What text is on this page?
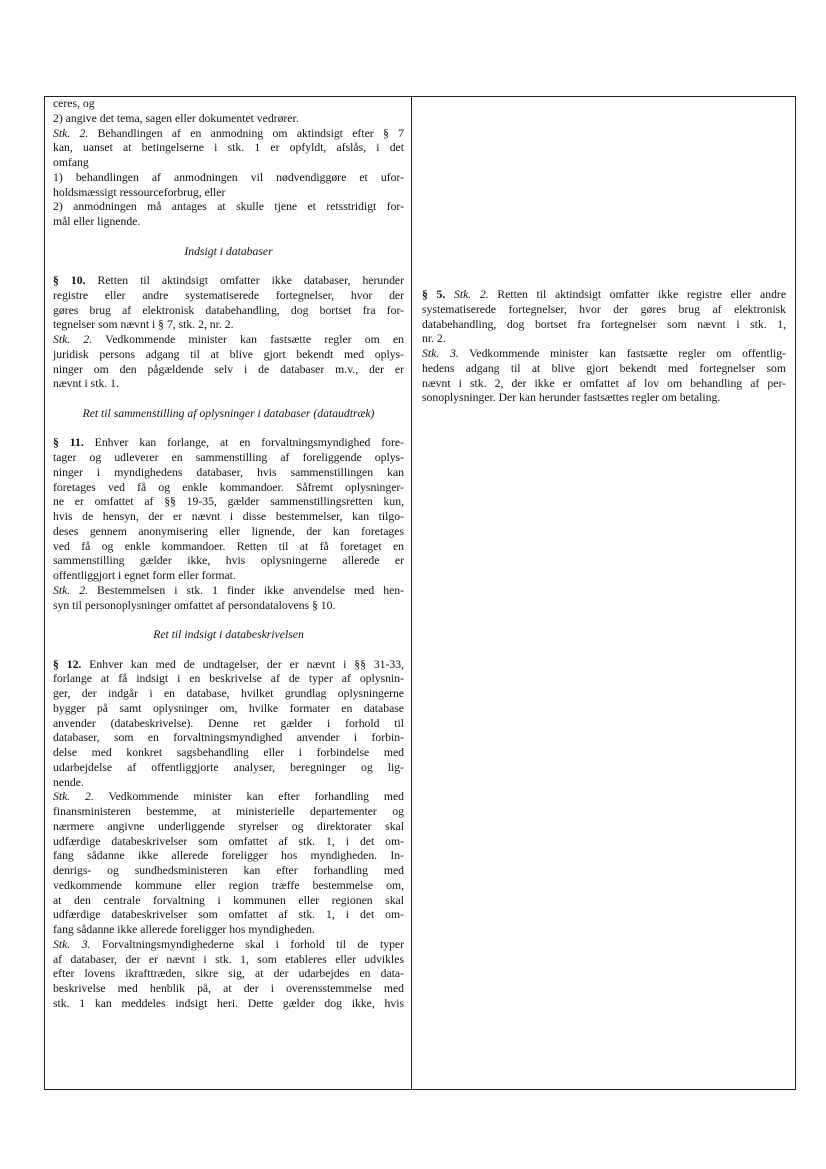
ceres, og
2) angive det tema, sagen eller dokumentet vedrører.
Stk. 2. Behandlingen af en anmodning om aktindsigt efter § 7
kan, uanset at betingelserne i stk. 1 er opfyldt, afslås, i det
omfang
1) behandlingen af anmodningen vil nødvendiggøre et ufor-
holdsmæssigt ressourceforbrug, eller
2) anmodningen må antages at skulle tjene et retsstridigt for-
mål eller lignende.
Indsigt i databaser
§ 10. Retten til aktindsigt omfatter ikke databaser, herunder
registre eller andre systematiserede fortegnelser, hvor der
gøres brug af elektronisk databehandling, dog bortset fra for-
tegnelser som nævnt i § 7, stk. 2, nr. 2.
Stk. 2. Vedkommende minister kan fastsætte regler om en
juridisk persons adgang til at blive gjort bekendt med oplys-
ninger om den pågældende selv i de databaser m.v., der er
nævnt i stk. 1.
Ret til sammenstilling af oplysninger i databaser (dataudtræk)
§ 11. Enhver kan forlange, at en forvaltningsmyndighed fore-
tager og udleverer en sammenstilling af foreliggende oplys-
ninger i myndighedens databaser, hvis sammenstillingen kan
foretages ved få og enkle kommandoer. Såfremt oplysninger-
ne er omfattet af §§ 19-35, gælder sammenstillingsretten kun,
hvis de hensyn, der er nævnt i disse bestemmelser, kan tilgo-
deses gennem anonymisering eller lignende, der kan foretages
ved få og enkle kommandoer. Retten til at få foretaget en
sammenstilling gælder ikke, hvis oplysningerne allerede er
offentliggjort i egnet form eller format.
Stk. 2. Bestemmelsen i stk. 1 finder ikke anvendelse med hen-
syn til personoplysninger omfattet af persondatalovens § 10.
Ret til indsigt i databeskrivelsen
§ 12. Enhver kan med de undtagelser, der er nævnt i §§ 31-33,
forlange at få indsigt i en beskrivelse af de typer af oplysnin-
ger, der indgår i en database, hvilket grundlag oplysningerne
bygger på samt oplysninger om, hvilke formater en database
anvender (databeskrivelse). Denne ret gælder i forhold til
databaser, som en forvaltningsmyndighed anvender i forbin-
delse med konkret sagsbehandling eller i forbindelse med
udarbejdelse af offentliggjorte analyser, beregninger og lig-
nende.
Stk. 2. Vedkommende minister kan efter forhandling med
finansministeren bestemme, at ministerielle departementer og
nærmere angivne underliggende styrelser og direktorater skal
udfærdige databeskrivelser som omfattet af stk. 1, i det om-
fang sådanne ikke allerede foreligger hos myndigheden. In-
denrigs- og sundhedsministeren kan efter forhandling med
vedkommende kommune eller region træffe bestemmelse om,
at den centrale forvaltning i kommunen eller regionen skal
udfærdige databeskrivelser som omfattet af stk. 1, i det om-
fang sådanne ikke allerede foreligger hos myndigheden.
Stk. 3. Forvaltningsmyndighederne skal i forhold til de typer
af databaser, der er nævnt i stk. 1, som etableres eller udvikles
efter lovens ikrafttræden, sikre sig, at der udarbejdes en data-
beskrivelse med henblik på, at der i overensstemmelse med
stk. 1 kan meddeles indsigt heri. Dette gælder dog ikke, hvis
§ 5. Stk. 2. Retten til aktindsigt omfatter ikke registre eller andre
systematiserede fortegnelser, hvor der gøres brug af elektronisk
databehandling, dog bortset fra fortegnelser som nævnt i stk. 1,
nr. 2.
Stk. 3. Vedkommende minister kan fastsætte regler om offentlig-
hedens adgang til at blive gjort bekendt med fortegnelser som
nævnt i stk. 2, der ikke er omfattet af lov om behandling af per-
sonoplysninger. Der kan herunder fastsættes regler om betaling.
